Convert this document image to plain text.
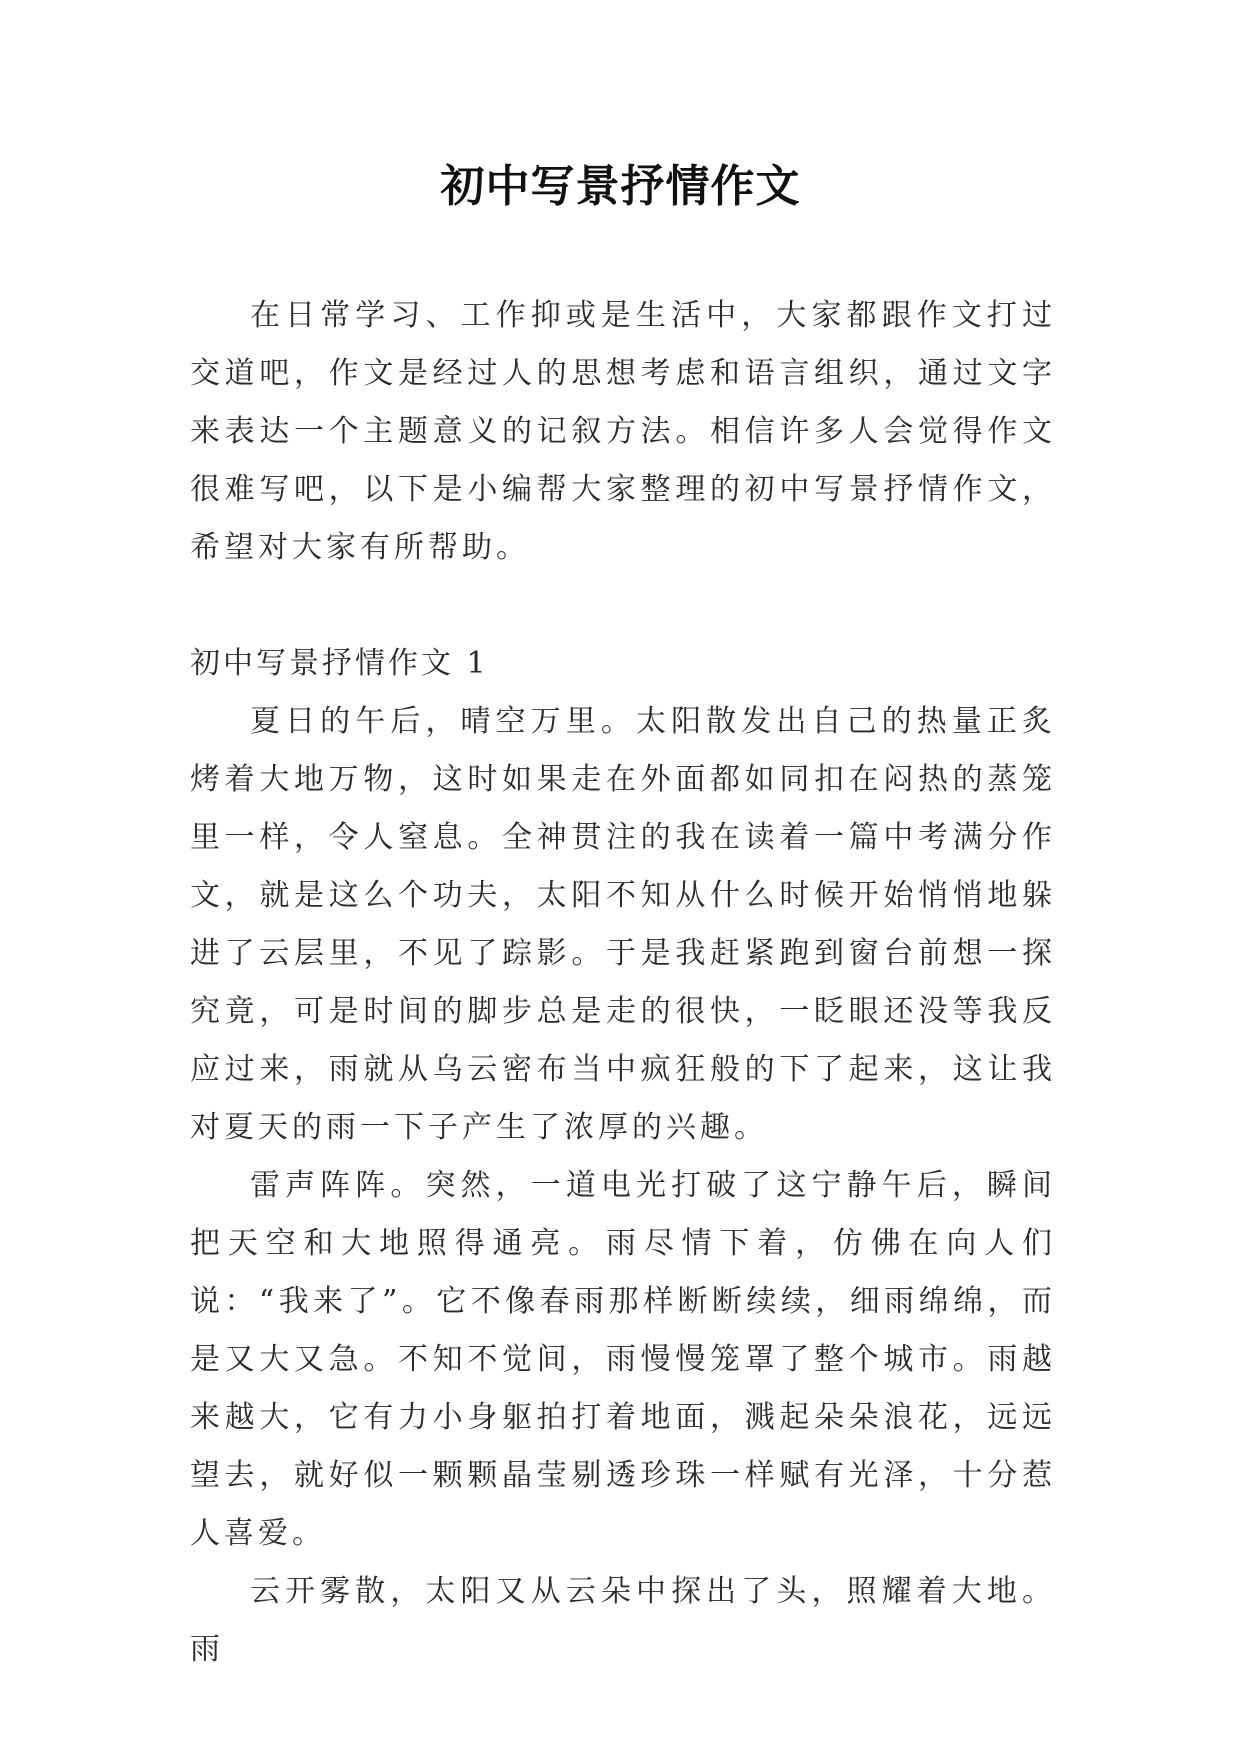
初中写景抒情作文

在日常学习、工作抑或是生活中，大家都跟作文打过交道吧，作文是经过人的思想考虑和语言组织，通过文字来表达一个主题意义的记叙方法。相信许多人会觉得作文很难写吧，以下是小编帮大家整理的初中写景抒情作文，希望对大家有所帮助。

初中写景抒情作文 1

夏日的午后，晴空万里。太阳散发出自己的热量正炙烤着大地万物，这时如果走在外面都如同扣在闷热的蒸笼里一样，令人窒息。全神贯注的我在读着一篇中考满分作文，就是这么个功夫，太阳不知从什么时候开始悄悄地躲进了云层里，不见了踪影。于是我赶紧跑到窗台前想一探究竟，可是时间的脚步总是走的很快，一眨眼还没等我反应过来，雨就从乌云密布当中疯狂般的下了起来，这让我对夏天的雨一下子产生了浓厚的兴趣。

雷声阵阵。突然，一道电光打破了这宁静午后，瞬间把天空和大地照得通亮。雨尽情下着，仿佛在向人们说：“我来了”。它不像春雨那样断断续续，细雨绵绵，而是又大又急。不知不觉间，雨慢慢笼罩了整个城市。雨越来越大，它有力小身躯拍打着地面，溅起朵朵浪花，远远望去，就好似一颗颗晶莹剔透珍珠一样赋有光泽，十分惹人喜爱。

云开雾散，太阳又从云朵中探出了头，照耀着大地。雨
